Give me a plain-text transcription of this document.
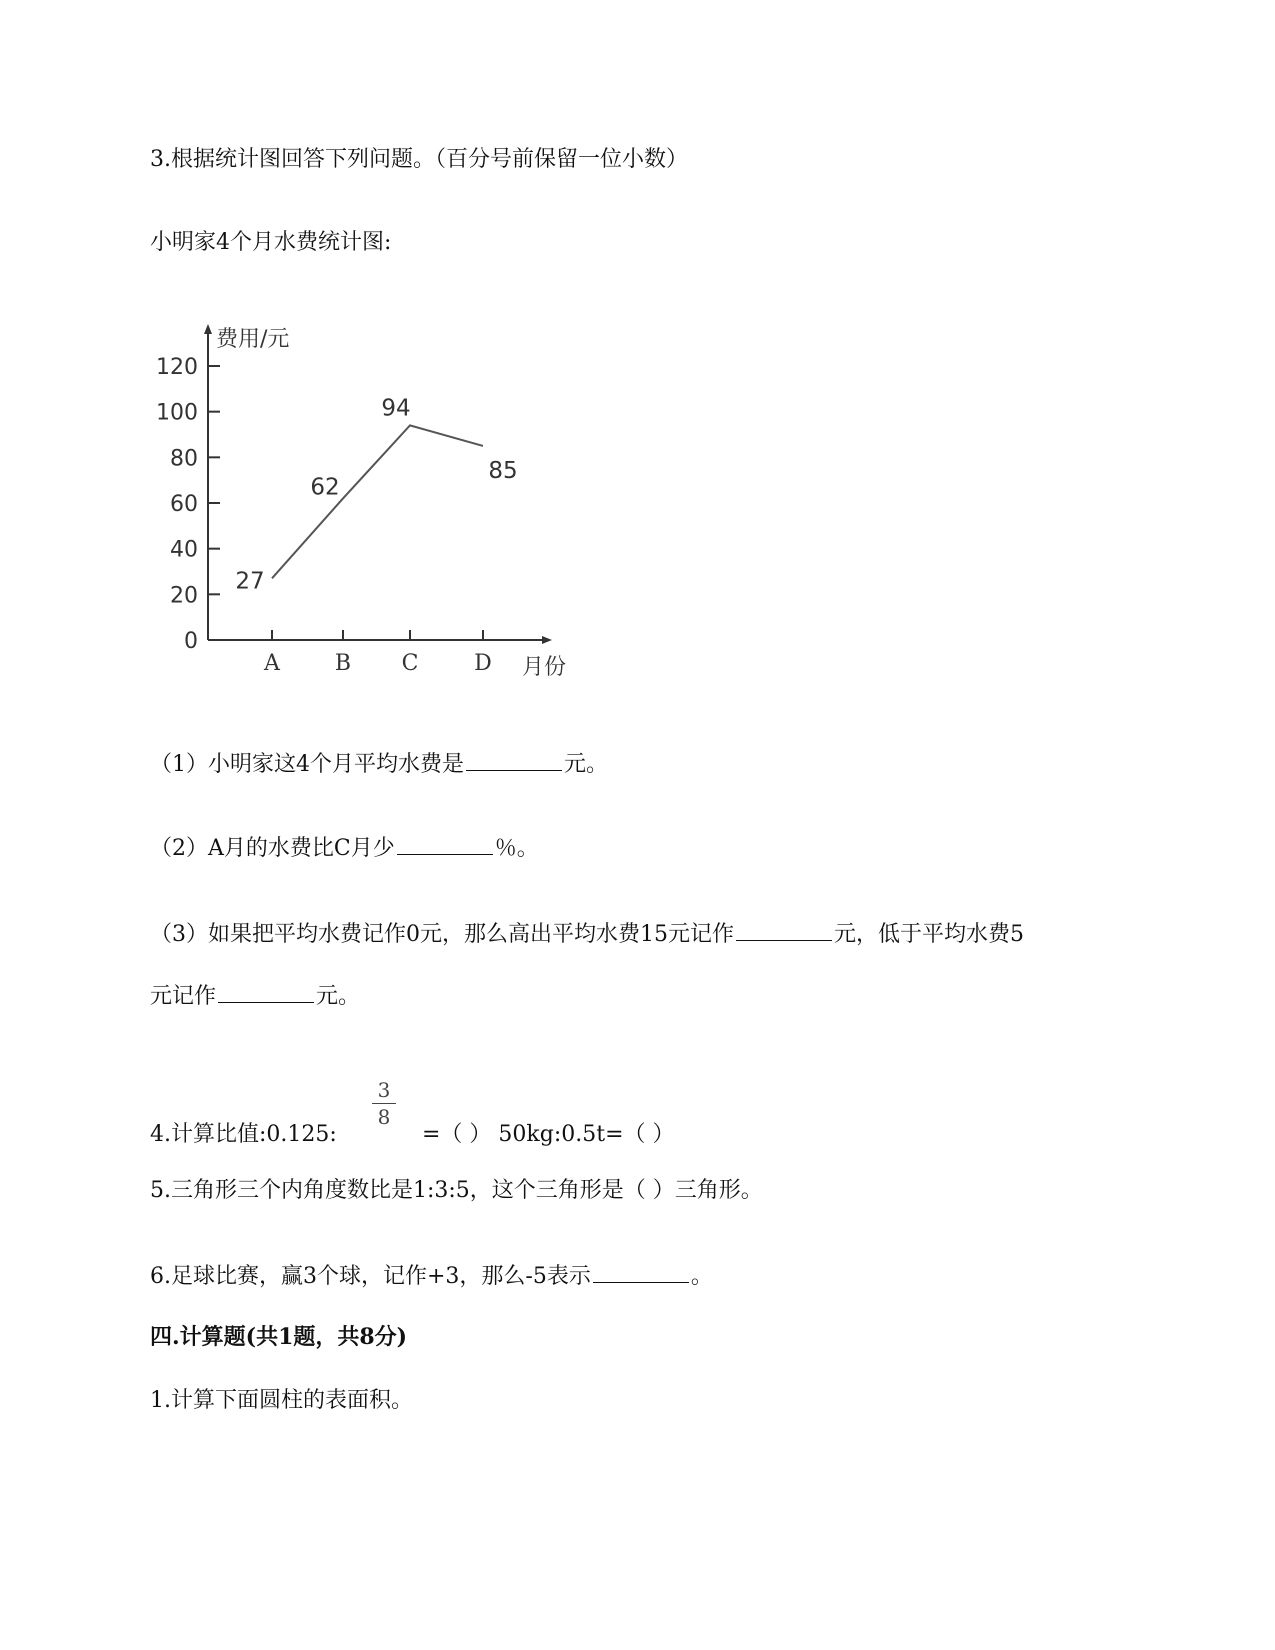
3.根据统计图回答下列问题。（百分号前保留一位小数）
小明家4个月水费统计图:
0
20
40
60
80
100
120
A B C	D
27
62
94
85
费用/元
月份
（1）小明家这4个月平均水费是	元。
（2）A月的水费比C月少	％。
（3）如果把平均水费记作0元，那么高出平均水费15元记作	元，低于平均水费5
元记作	元。
3
8
4.计算比值:0.125:	=（ ） 50kg:0.5t=（ ）
5.三角形三个内角度数比是1:3:5，这个三角形是（ ）三角形。
6.足球比赛，赢3个球，记作+3，那么-5表示	。
四.计算题(共1题，共8分)
1.计算下面圆柱的表面积。
